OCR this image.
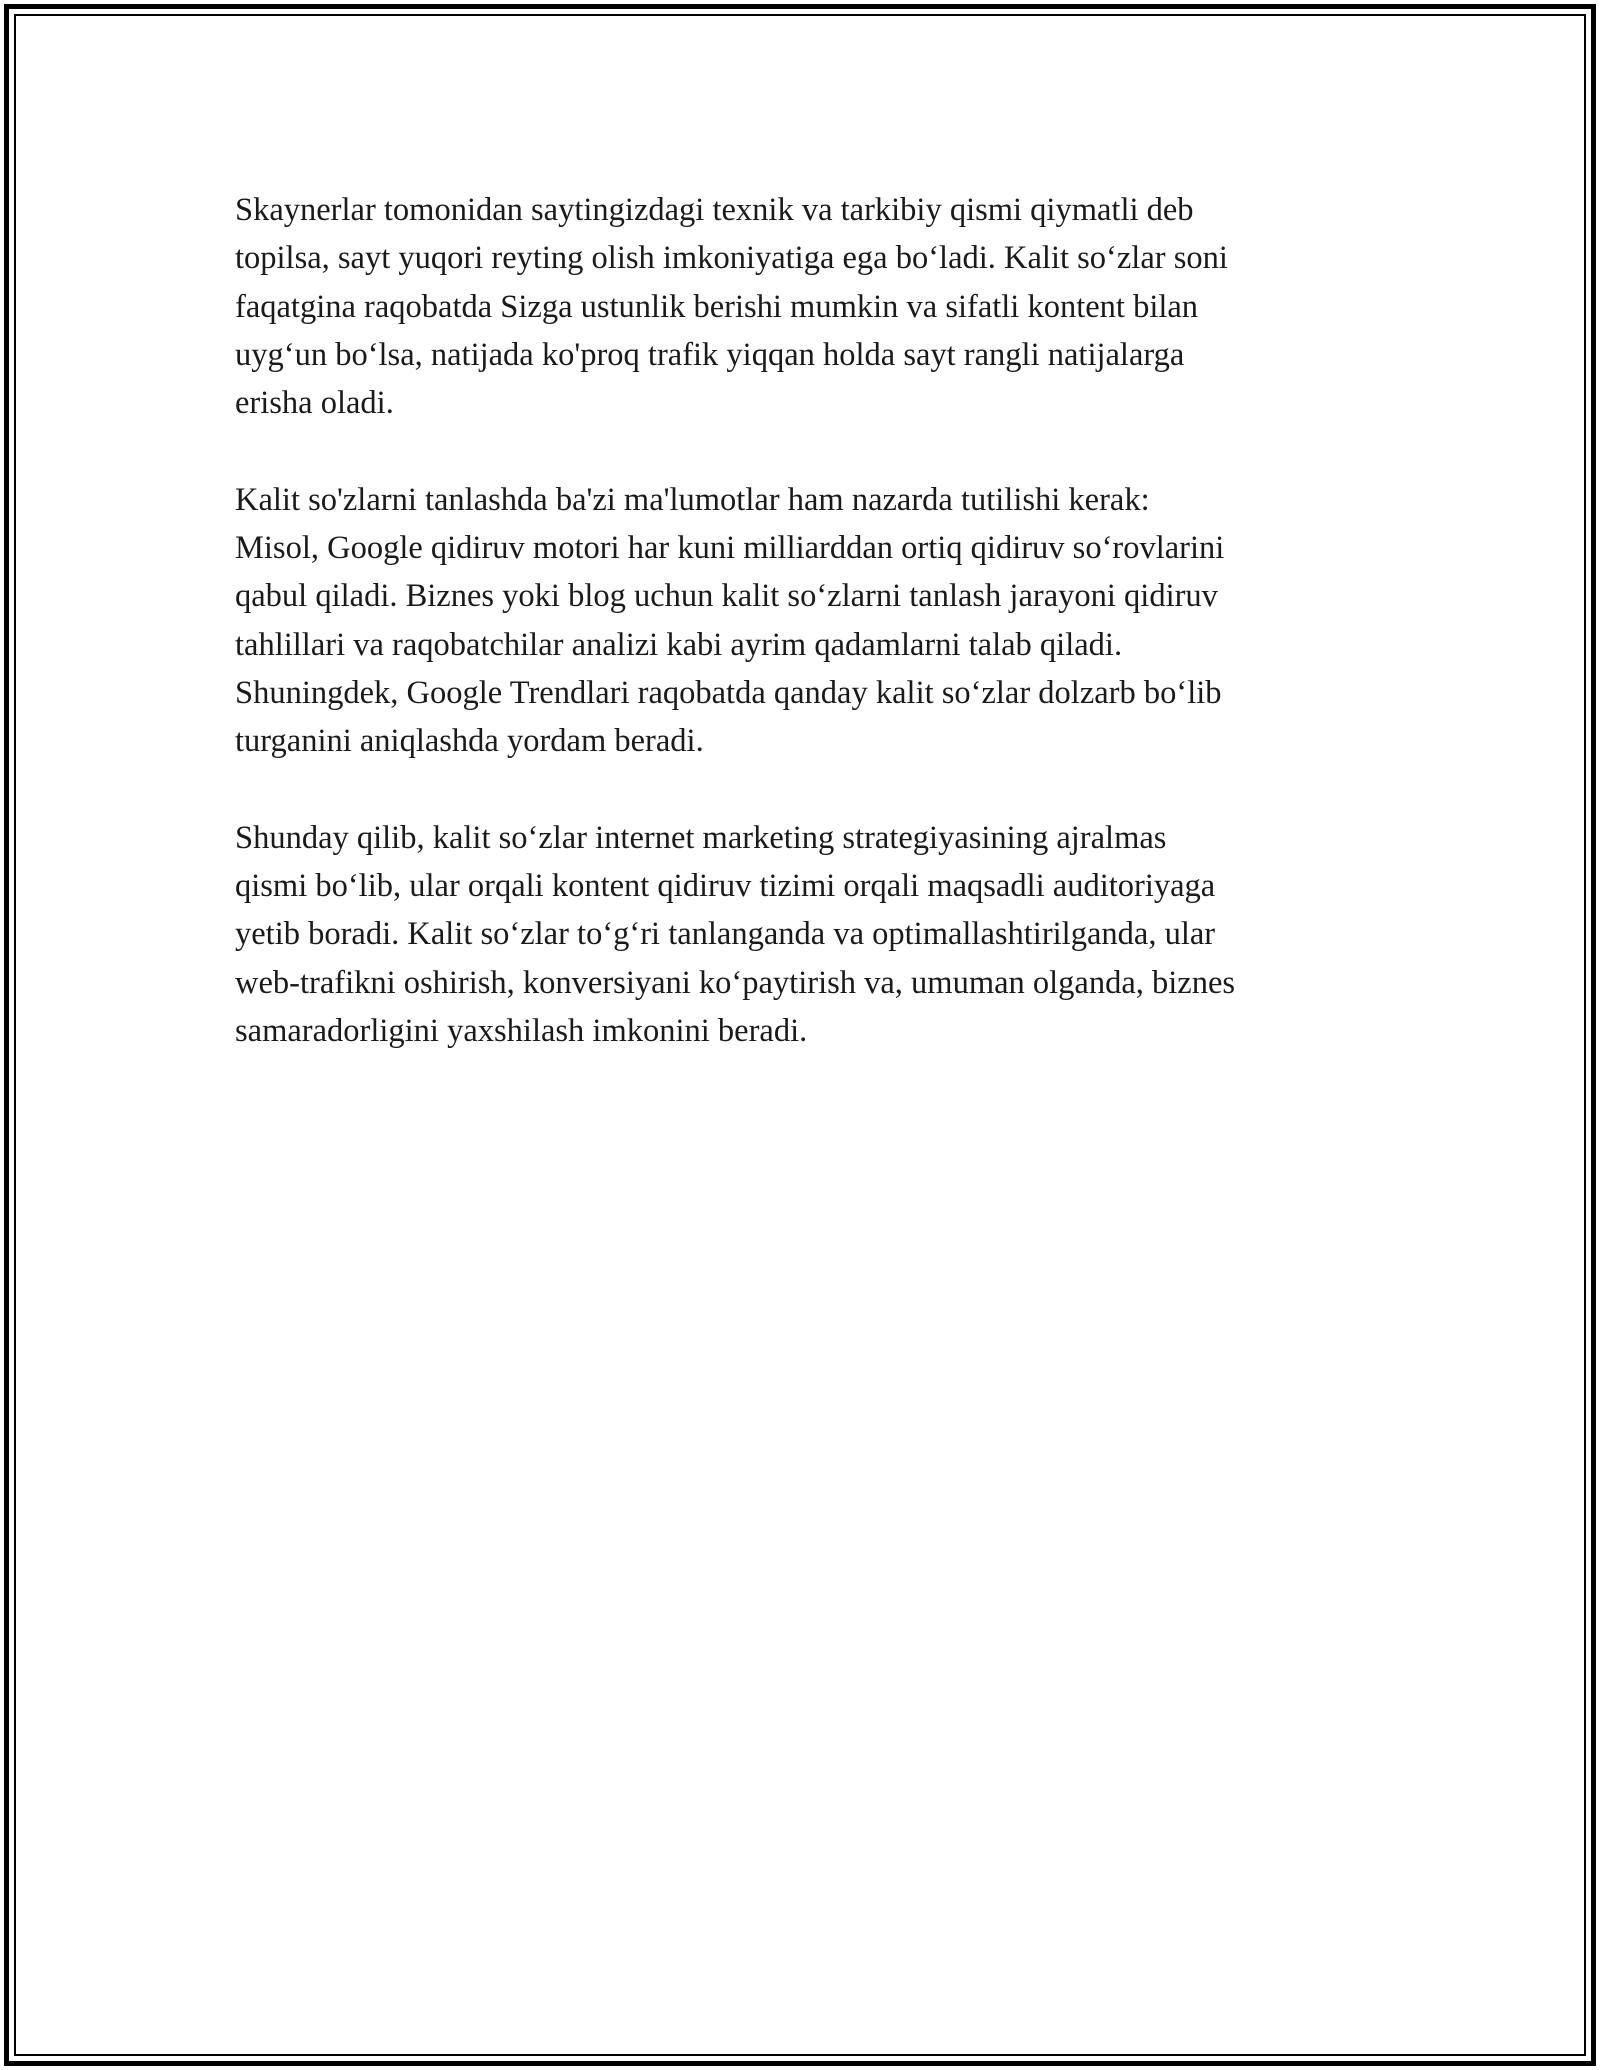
Skaynerlar tomonidan saytingizdagi texnik va tarkibiy qismi qiymatli deb
topilsa, sayt yuqori reyting olish imkoniyatiga ega bo‘ladi. Kalit so‘zlar soni
faqatgina raqobatda Sizga ustunlik berishi mumkin va sifatli kontent bilan
uyg‘un bo‘lsa, natijada ko'proq trafik yiqqan holda sayt rangli natijalarga
erisha oladi.

Kalit so'zlarni tanlashda ba'zi ma'lumotlar ham nazarda tutilishi kerak:
Misol, Google qidiruv motori har kuni milliarddan ortiq qidiruv so‘rovlarini
qabul qiladi. Biznes yoki blog uchun kalit so‘zlarni tanlash jarayoni qidiruv
tahlillari va raqobatchilar analizi kabi ayrim qadamlarni talab qiladi.
Shuningdek, Google Trendlari raqobatda qanday kalit so‘zlar dolzarb bo‘lib
turganini aniqlashda yordam beradi.

Shunday qilib, kalit so‘zlar internet marketing strategiyasining ajralmas
qismi bo‘lib, ular orqali kontent qidiruv tizimi orqali maqsadli auditoriyaga
yetib boradi. Kalit so‘zlar to‘g‘ri tanlanganda va optimallashtirilganda, ular
web-trafikni oshirish, konversiyani ko‘paytirish va, umuman olganda, biznes
samaradorligini yaxshilash imkonini beradi.
